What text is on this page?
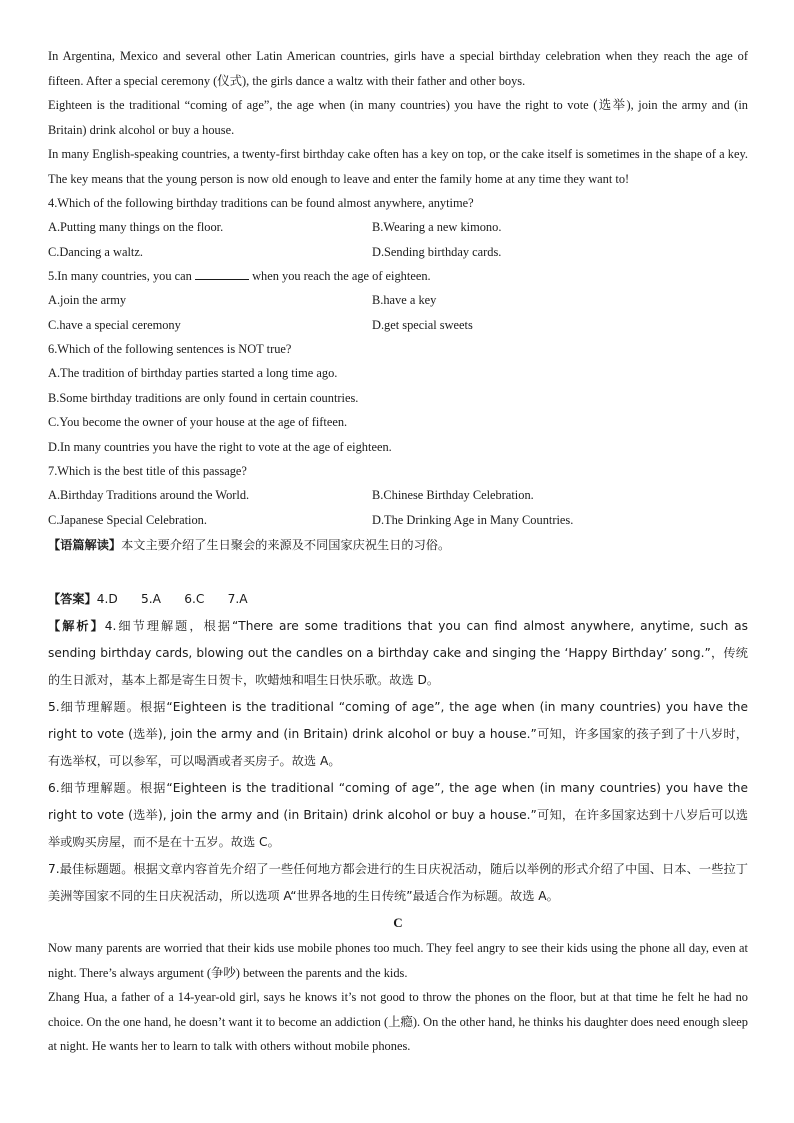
In Argentina, Mexico and several other Latin American countries, girls have a special birthday celebration when they reach the age of fifteen. After a special ceremony (仪式), the girls dance a waltz with their father and other boys.

Eighteen is the traditional “coming of age”, the age when (in many countries) you have the right to vote (选举), join the army and (in Britain) drink alcohol or buy a house.

In many English-speaking countries, a twenty-first birthday cake often has a key on top, or the cake itself is sometimes in the shape of a key. The key means that the young person is now old enough to leave and enter the family home at any time they want to!

4.Which of the following birthday traditions can be found almost anywhere, anytime?

A.Putting many things on the floor.	B.Wearing a new kimono.
C.Dancing a waltz.	D.Sending birthday cards.

5.In many countries, you can	when you reach the age of eighteen.

A.join the army	B.have a key
C.have a special ceremony	D.get special sweets

6.Which of the following sentences is NOT true?

A.The tradition of birthday parties started a long time ago.
B.Some birthday traditions are only found in certain countries.
C.You become the owner of your house at the age of fifteen.
D.In many countries you have the right to vote at the age of eighteen.

7.Which is the best title of this passage?

A.Birthday Traditions around the World.	B.Chinese Birthday Celebration.
C.Japanese Special Celebration.	D.The Drinking Age in Many Countries.

【语篇解读】本文主要介绍了生日聚会的来源及不同国家庆祝生日的习俗。

【答案】4.D      5.A      6.C      7.A

【解析】4.细节理解题，根据“There are some traditions that you can find almost anywhere, anytime, such as sending birthday cards, blowing out the candles on a birthday cake and singing the ‘Happy Birthday’ song.”，传统的生日派对，基本上都是寄生日贺卡，吹蜡烛和唱生日快乐歌。故选 D。

5.细节理解题。根据“Eighteen is the traditional “coming of age”, the age when (in many countries) you have the right to vote (选举), join the army and (in Britain) drink alcohol or buy a house.”可知，许多国家的孩子到了十八岁时，有选举权，可以参军，可以喝酒或者买房子。故选 A。

6.细节理解题。根据“Eighteen is the traditional “coming of age”, the age when (in many countries) you have the right to vote (选举), join the army and (in Britain) drink alcohol or buy a house.”可知，在许多国家达到十八岁后可以选举或购买房屋，而不是在十五岁。故选 C。

7.最佳标题题。根据文章内容首先介绍了一些任何地方都会进行的生日庆祝活动，随后以举例的形式介绍了中国、日本、一些拉丁美洲等国家不同的生日庆祝活动，所以选项 A“世界各地的生日传统”最适合作为标题。故选 A。

C

Now many parents are worried that their kids use mobile phones too much. They feel angry to see their kids using the phone all day, even at night. There’s always argument (争吵) between the parents and the kids.

Zhang Hua, a father of a 14-year-old girl, says he knows it’s not good to throw the phones on the floor, but at that time he felt he had no choice. On the one hand, he doesn’t want it to become an addiction (上瘾). On the other hand, he thinks his daughter does need enough sleep at night. He wants her to learn to talk with others without mobile phones.
